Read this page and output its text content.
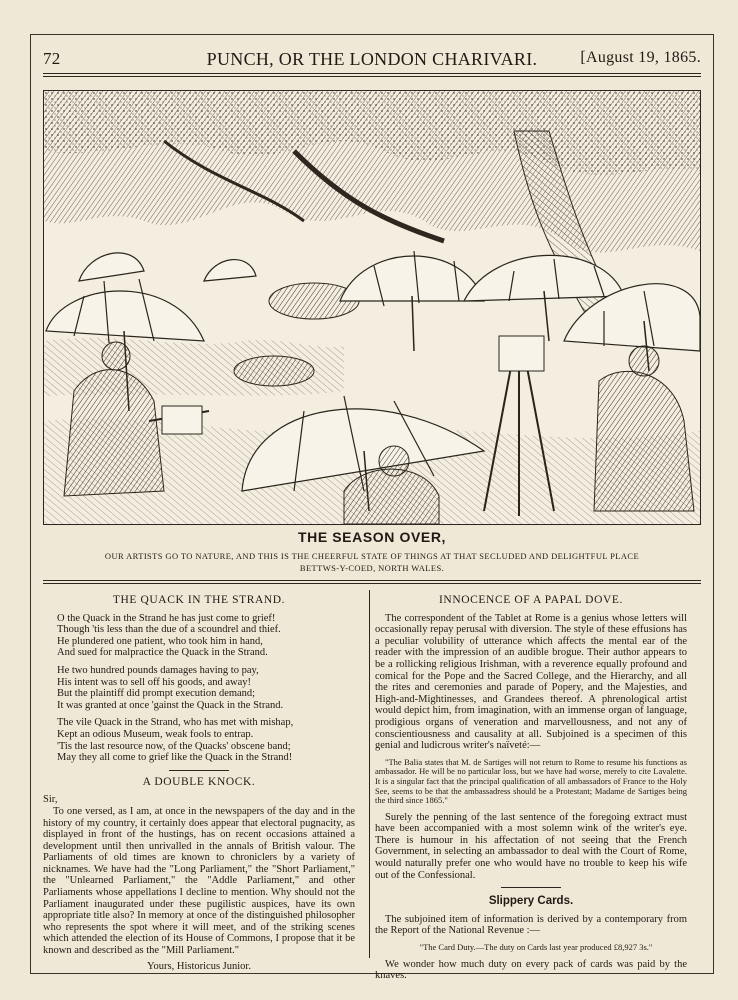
72	PUNCH, OR THE LONDON CHARIVARI.	[August 19, 1865.
THE SEASON OVER,
OUR ARTISTS GO TO NATURE, AND THIS IS THE CHEERFUL STATE OF THINGS AT THAT SECLUDED AND DELIGHTFUL PLACE
BETTWS-Y-COED, NORTH WALES.
THE QUACK IN THE STRAND.
O the Quack in the Strand he has just come to grief!
Though 'tis less than the due of a scoundrel and thief.
He plundered one patient, who took him in hand,
And sued for malpractice the Quack in the Strand.
He two hundred pounds damages having to pay,
His intent was to sell off his goods, and away!
But the plaintiff did prompt execution demand;
It was granted at once 'gainst the Quack in the Strand.
The vile Quack in the Strand, who has met with mishap,
Kept an odious Museum, weak fools to entrap.
'Tis the last resource now, of the Quacks' obscene band;
May they all come to grief like the Quack in the Strand!
A DOUBLE KNOCK.

Sir,

To one versed, as I am, at once in the newspapers of the day and in the history of my country, it certainly does appear that electoral pugnacity, as displayed in front of the hustings, has on recent occasions attained a development until then unrivalled in the annals of British valour. The Parliaments of old times are known to chroniclers by a variety of nicknames. We have had the "Long Parliament," the "Short Parliament," the "Unlearned Parliament," the "Addle Parliament," and other Parliaments whose appellations I decline to mention. Why should not the Parliament inaugurated under these pugilistic auspices, have its own appropriate title also? In memory at once of the distinguished philosopher who represents the spot where it will meet, and of the striking scenes which attended the election of its House of Commons, I propose that it be known and described as the "Mill Parliament."

Yours, Historicus Junior.
INNOCENCE OF A PAPAL DOVE.

The correspondent of the Tablet at Rome is a genius whose letters will occasionally repay perusal with diversion. The style of these effusions has a peculiar volubility of utterance which affects the mental ear of the reader with the impression of an audible brogue. Their author appears to be a rollicking religious Irishman, with a reverence equally profound and comical for the Pope and the Sacred College, and the Hierarchy, and all the rites and ceremonies and parade of Popery, and the Majesties, and High-and-Mightinesses, and Grandees thereof. A phrenological artist would depict him, from imagination, with an immense organ of language, prodigious organs of veneration and marvellousness, and not any of conscientiousness and causality at all. Subjoined is a specimen of this genial and ludicrous writer's naïveté:—

"The Balia states that M. de Sartiges will not return to Rome to resume his functions as ambassador. He will be no particular loss, but we have had worse, merely to cite Lavalette. It is a singular fact that the principal qualification of all ambassadors of France to the Holy See, seems to be that the ambassadress should be a Protestant; Madame de Sartiges being the third since 1865."

Surely the penning of the last sentence of the foregoing extract must have been accompanied with a most solemn wink of the writer's eye. There is humour in his affectation of not seeing that the French Government, in selecting an ambassador to deal with the Court of Rome, would naturally prefer one who would have no trouble to keep his wife out of the Confessional.

Slippery Cards.

The subjoined item of information is derived by a contemporary from the Report of the National Revenue :—

"The Card Duty.—The duty on Cards last year produced £8,927 3s."

We wonder how much duty on every pack of cards was paid by the knaves.
